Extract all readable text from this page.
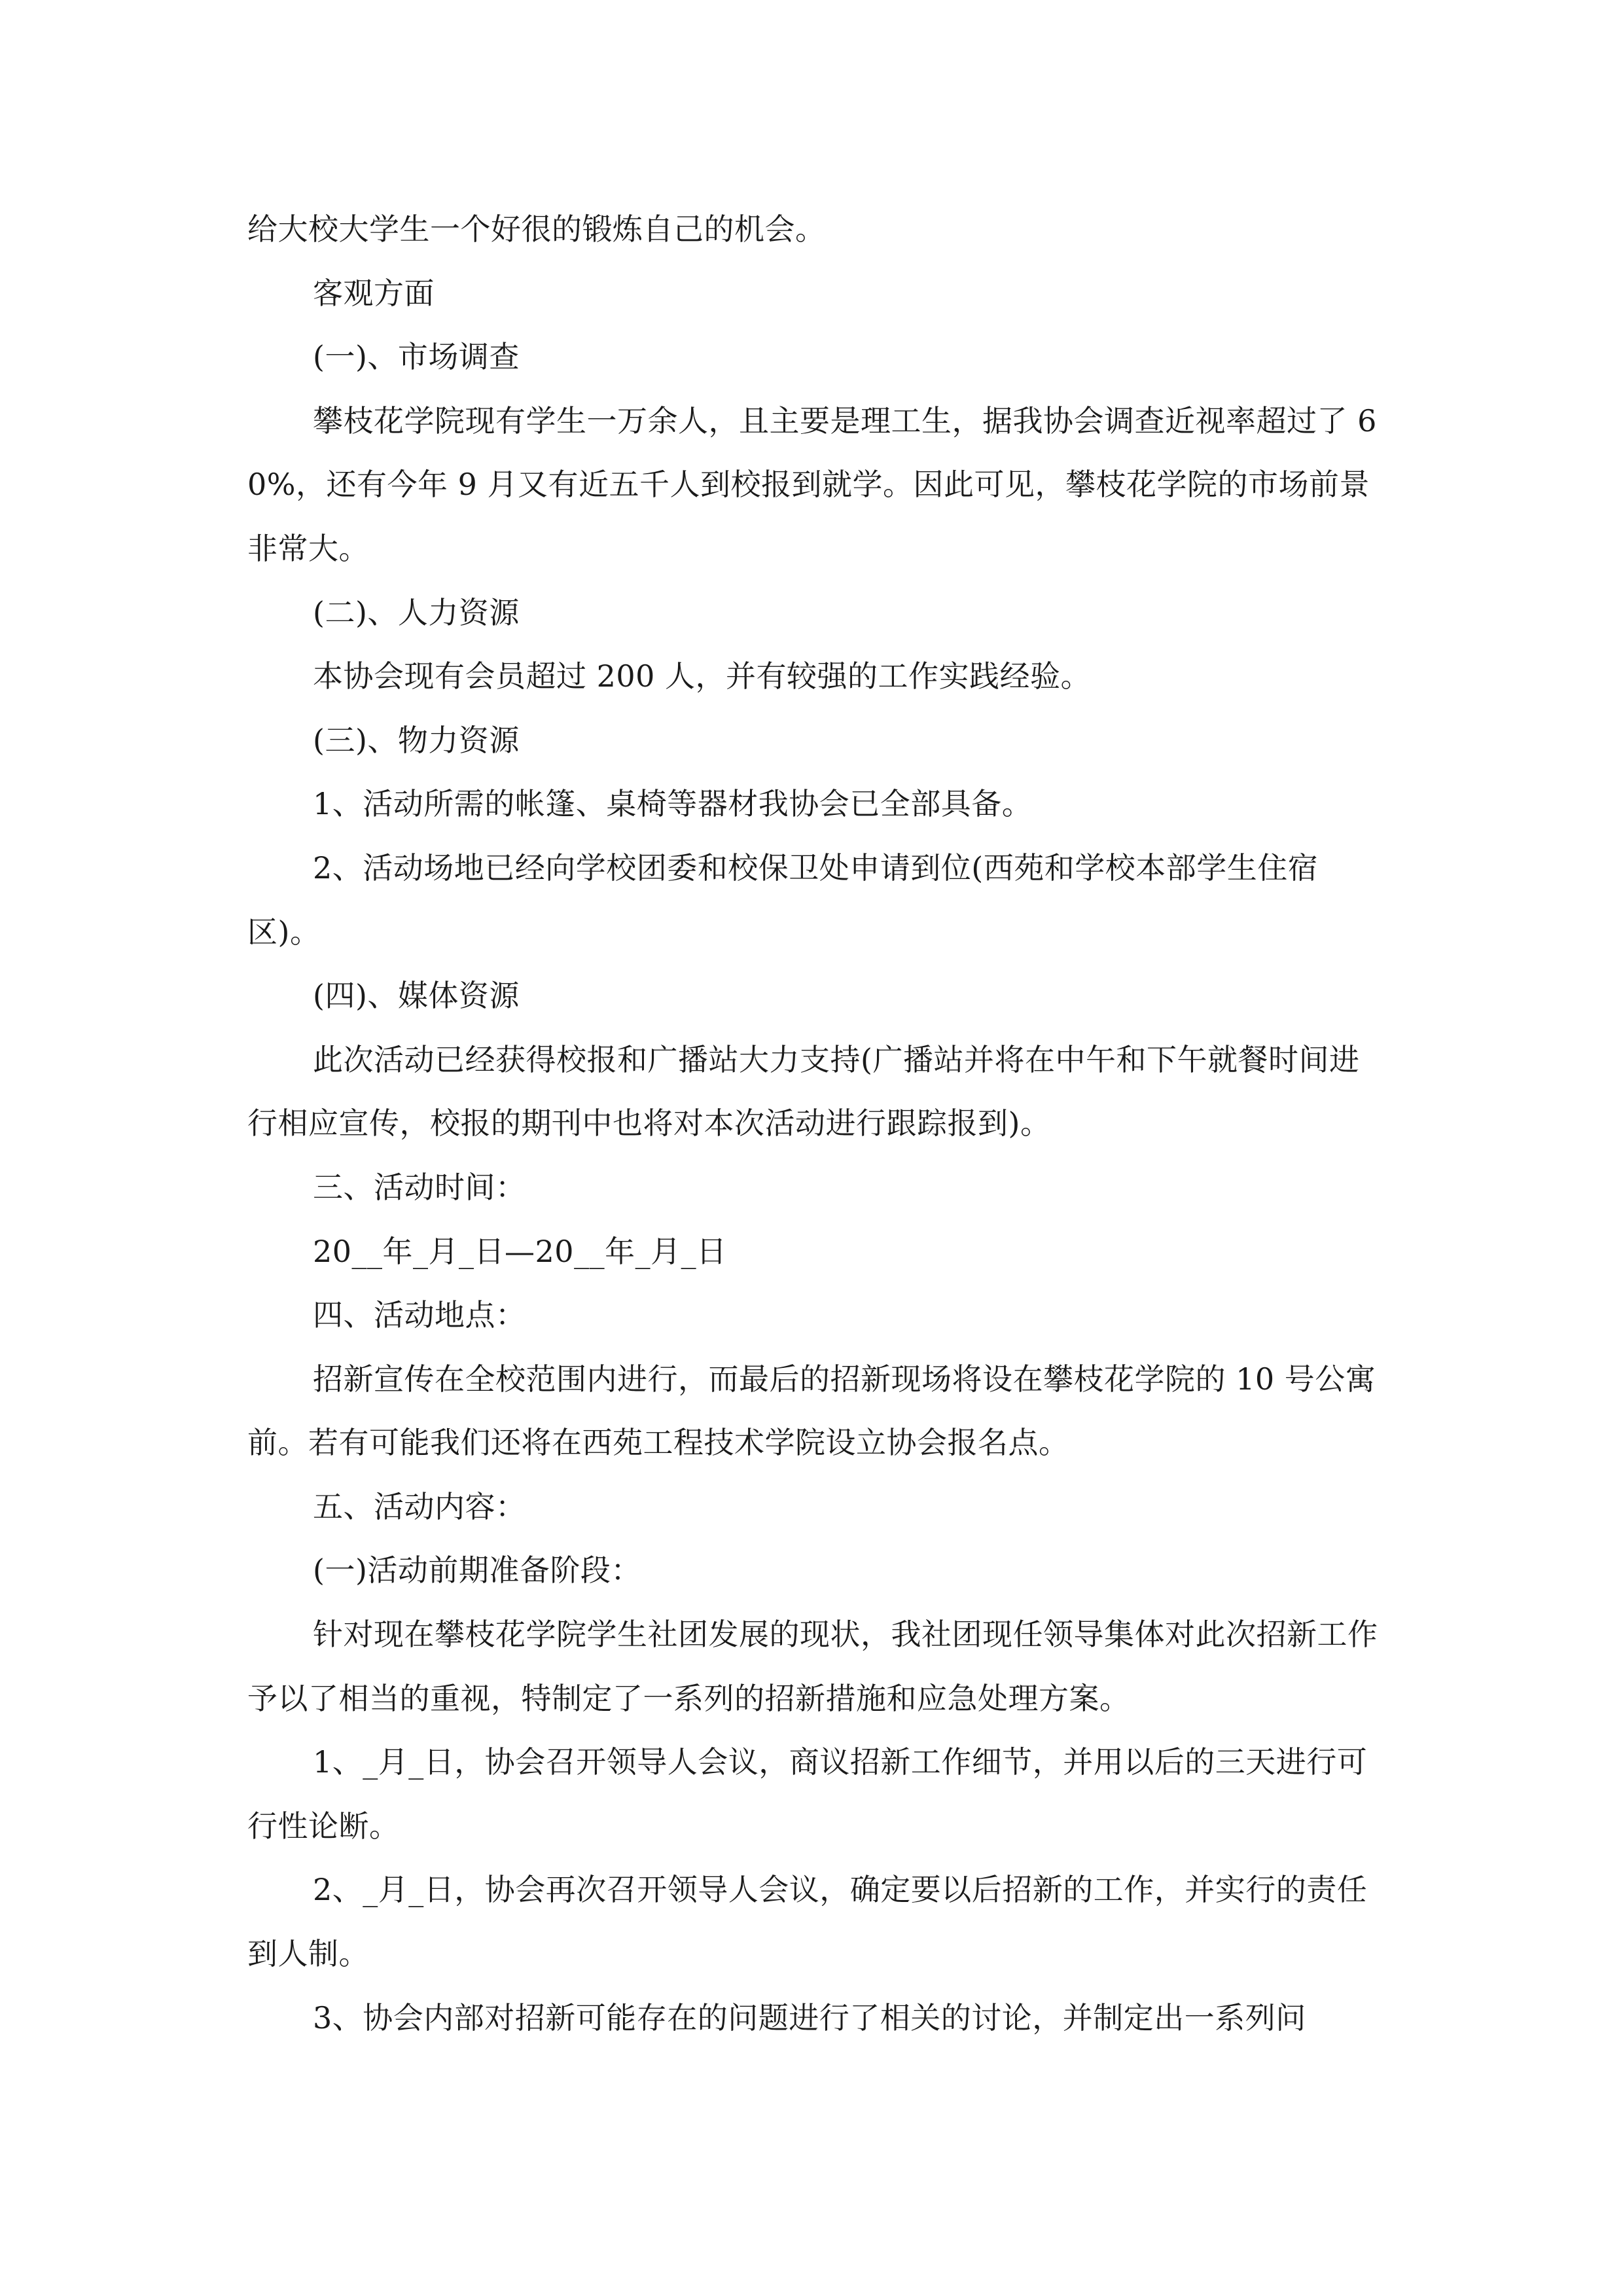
给大校大学生一个好很的锻炼自己的机会。

客观方面

(一)、市场调查

攀枝花学院现有学生一万余人，且主要是理工生，据我协会调查近视率超过了 60%，还有今年 9 月又有近五千人到校报到就学。因此可见，攀枝花学院的市场前景非常大。

(二)、人力资源

本协会现有会员超过 200 人，并有较强的工作实践经验。

(三)、物力资源

1、活动所需的帐篷、桌椅等器材我协会已全部具备。

2、活动场地已经向学校团委和校保卫处申请到位(西苑和学校本部学生住宿区)。

(四)、媒体资源

此次活动已经获得校报和广播站大力支持(广播站并将在中午和下午就餐时间进行相应宣传，校报的期刊中也将对本次活动进行跟踪报到)。

三、活动时间：

20__年_月_日—20__年_月_日

四、活动地点：

招新宣传在全校范围内进行，而最后的招新现场将设在攀枝花学院的 10 号公寓前。若有可能我们还将在西苑工程技术学院设立协会报名点。

五、活动内容：

(一)活动前期准备阶段：

针对现在攀枝花学院学生社团发展的现状，我社团现任领导集体对此次招新工作予以了相当的重视，特制定了一系列的招新措施和应急处理方案。

1、_月_日，协会召开领导人会议，商议招新工作细节，并用以后的三天进行可行性论断。

2、_月_日，协会再次召开领导人会议，确定要以后招新的工作，并实行的责任到人制。

3、协会内部对招新可能存在的问题进行了相关的讨论，并制定出一系列问
